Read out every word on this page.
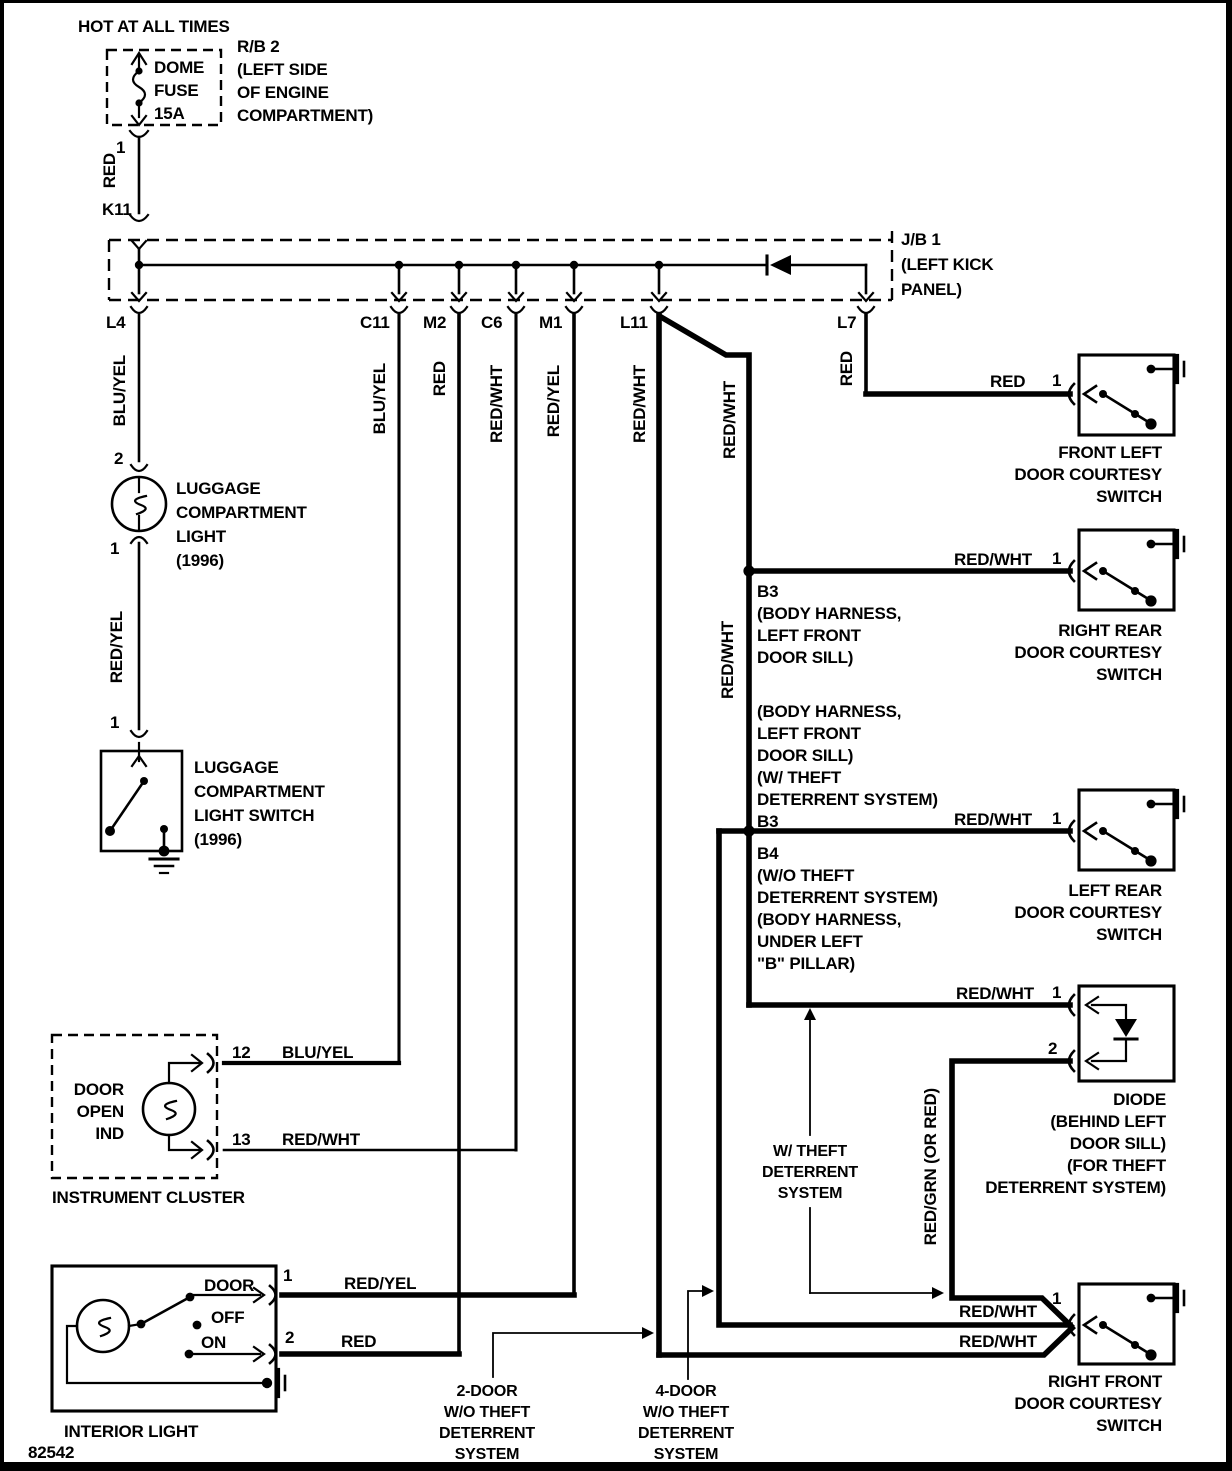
HOT AT ALL TIMES
DOME
FUSE
15A
R/B 2
(LEFT SIDE
OF ENGINE
COMPARTMENT)
1
RED
K11
J/B 1
(LEFT KICK
PANEL)
L4	C11 M2 C6 M1	L11	L7
BLU/YEL	BLU/YEL RED RED/WHT RED/YEL	RED/WHT	RED/WHT
RED
RED/WHT
RED/GRN (OR RED)
RED/YEL
2
1
1
LUGGAGE
COMPARTMENT
LIGHT
(1996)
LUGGAGE
COMPARTMENT
LIGHT SWITCH
(1996)
RED 1
FRONT LEFT
DOOR COURTESY
SWITCH
RED/WHT 1
RIGHT REAR
DOOR COURTESY
SWITCH
B3
(BODY HARNESS,
LEFT FRONT
DOOR SILL)
(BODY HARNESS,
LEFT FRONT
DOOR SILL)
(W/ THEFT
DETERRENT SYSTEM)
B3
B4
(W/O THEFT
DETERRENT SYSTEM)
(BODY HARNESS,
UNDER LEFT
"B" PILLAR)
RED/WHT 1
LEFT REAR
DOOR COURTESY
SWITCH
RED/WHT 1
2
DIODE
(BEHIND LEFT
DOOR SILL)
(FOR THEFT
DETERRENT SYSTEM)
DOOR
OPEN
IND
12 BLU/YEL
13 RED/WHT
INSTRUMENT CLUSTER
DOOR
OFF
ON
1	RED/YEL
2	RED
INTERIOR LIGHT
82542
1
RED/WHT
RED/WHT
RIGHT FRONT
DOOR COURTESY
SWITCH
2-DOOR
W/O THEFT
DETERRENT
SYSTEM
4-DOOR
W/O THEFT
DETERRENT
SYSTEM
W/ THEFT
DETERRENT
SYSTEM
